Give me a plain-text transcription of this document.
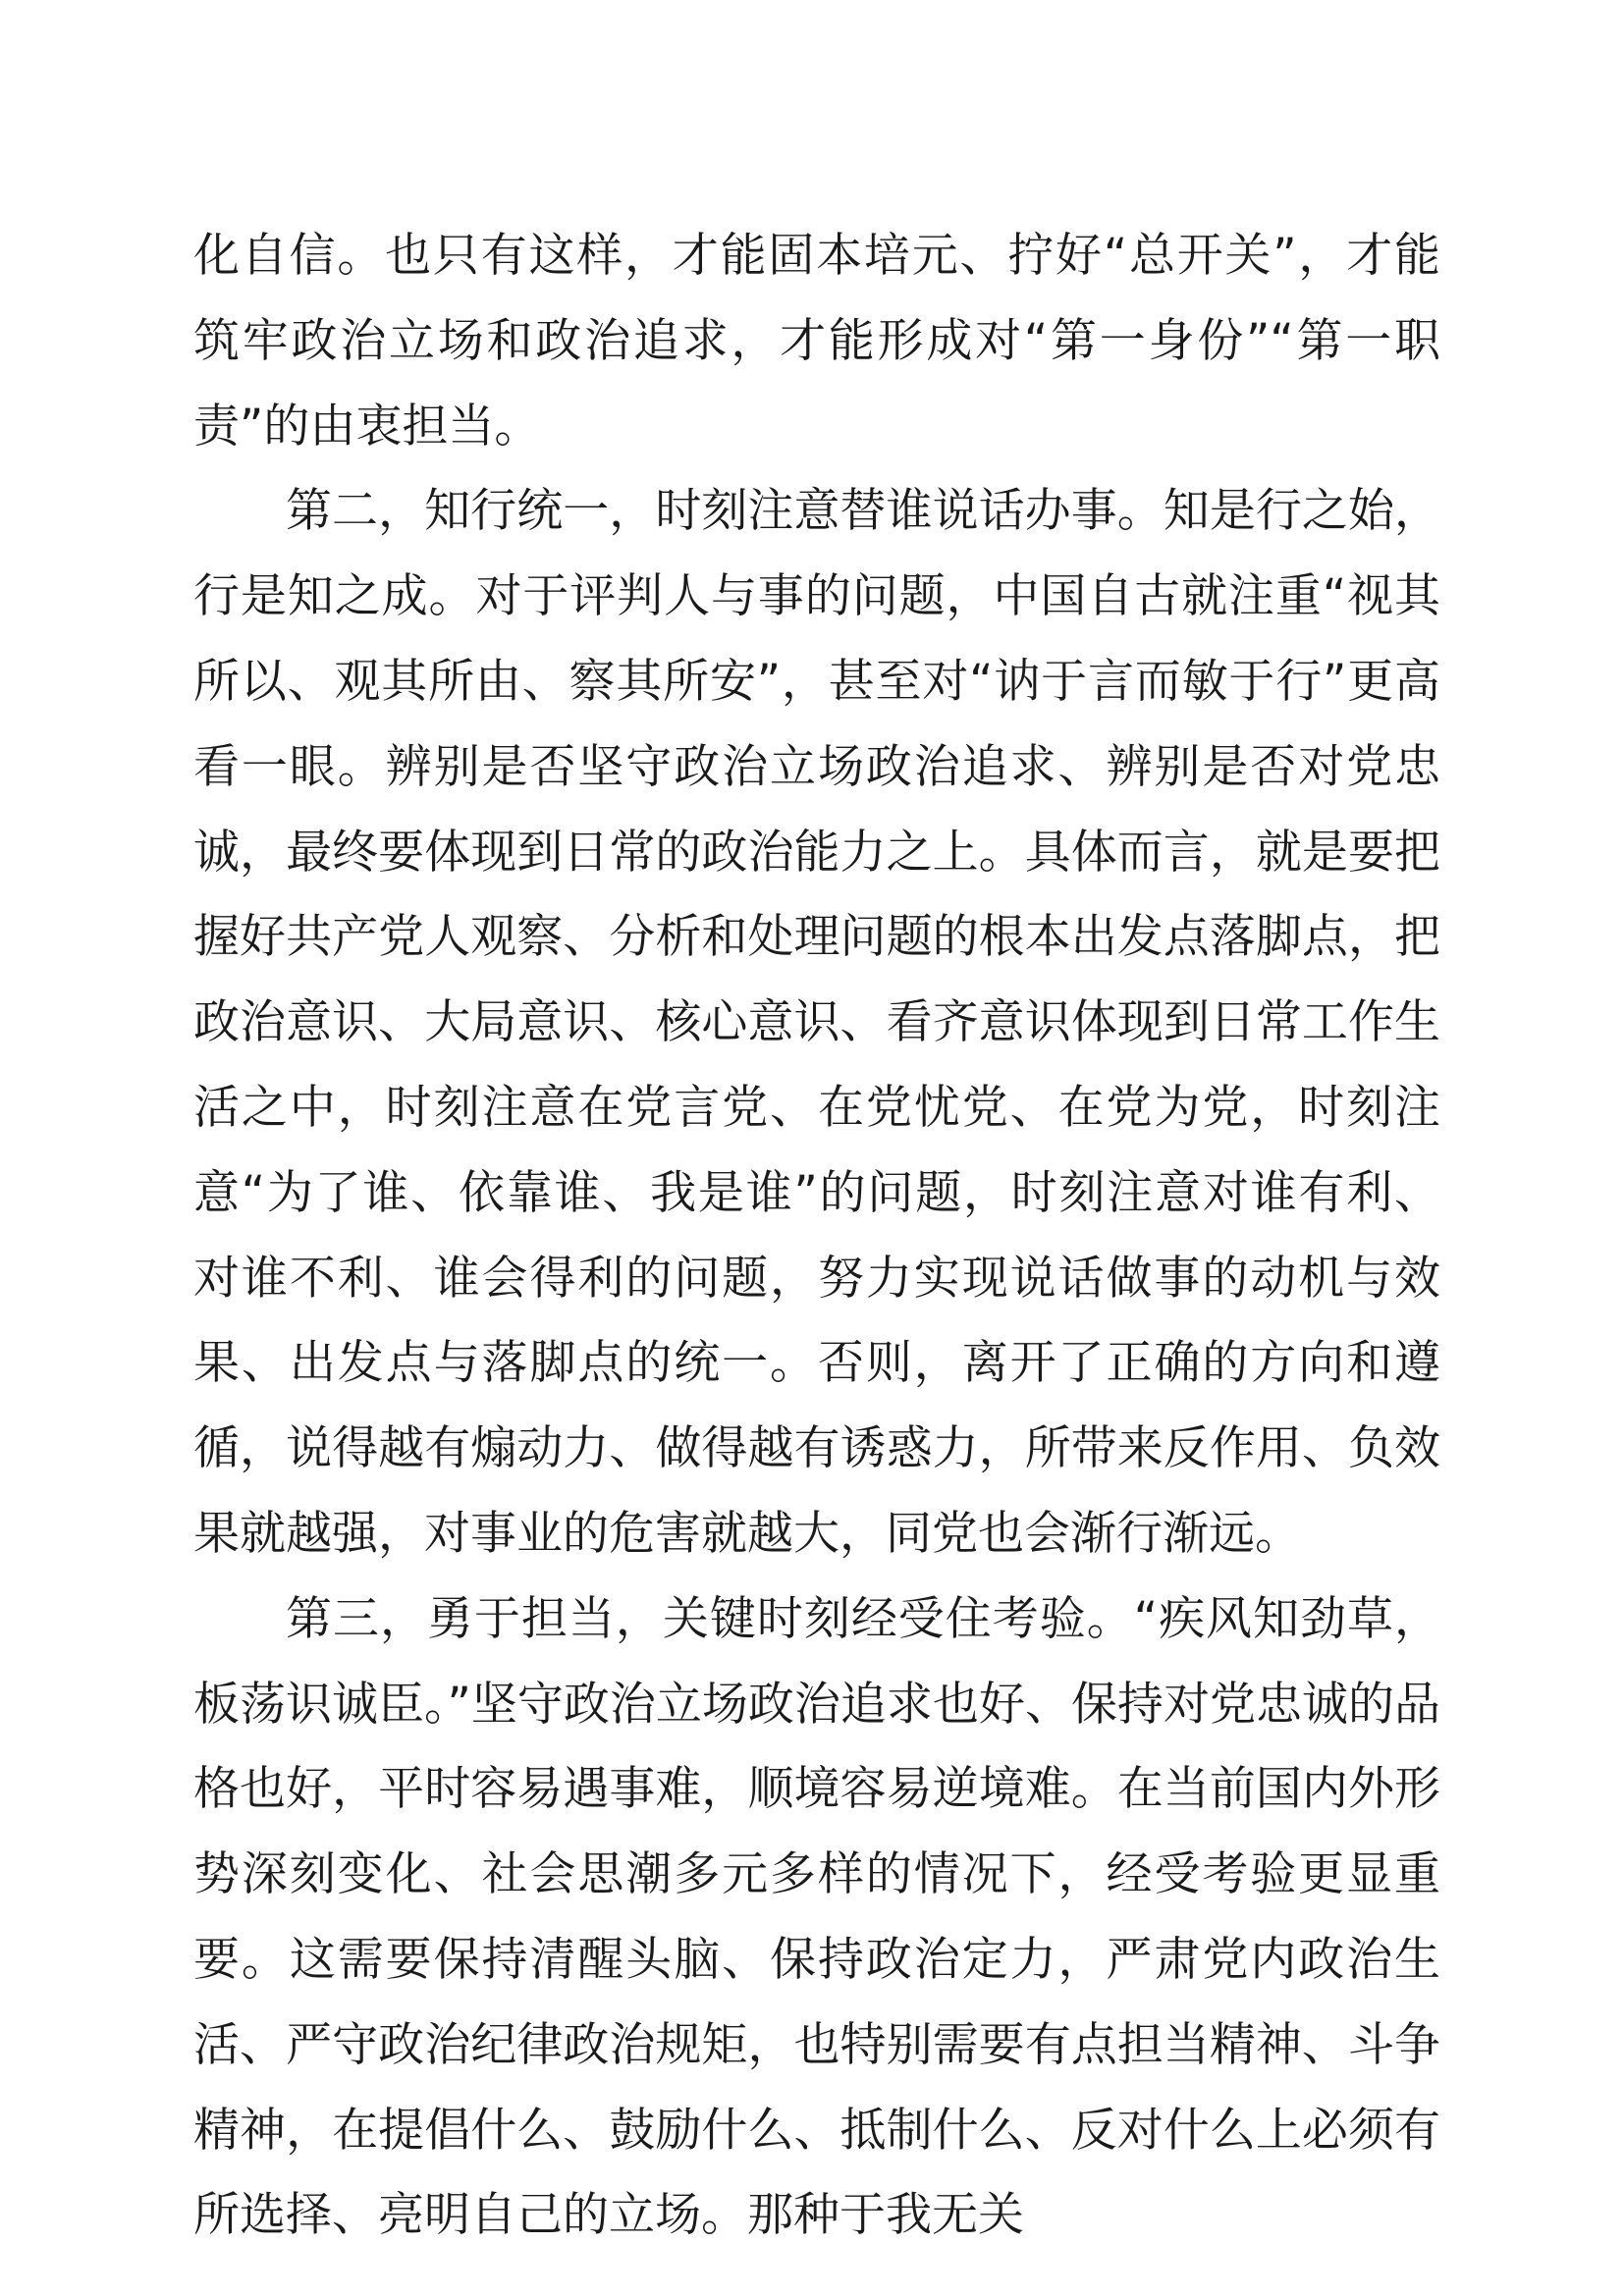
化自信。也只有这样，才能固本培元、拧好“总开关”，才能筑牢政治立场和政治追求，才能形成对“第一身份”“第一职责”的由衷担当。

第二，知行统一，时刻注意替谁说话办事。知是行之始，行是知之成。对于评判人与事的问题，中国自古就注重“视其所以、观其所由、察其所安”，甚至对“讷于言而敏于行”更高看一眼。辨别是否坚守政治立场政治追求、辨别是否对党忠诚，最终要体现到日常的政治能力之上。具体而言，就是要把握好共产党人观察、分析和处理问题的根本出发点落脚点，把政治意识、大局意识、核心意识、看齐意识体现到日常工作生活之中，时刻注意在党言党、在党忧党、在党为党，时刻注意“为了谁、依靠谁、我是谁”的问题，时刻注意对谁有利、对谁不利、谁会得利的问题，努力实现说话做事的动机与效果、出发点与落脚点的统一。否则，离开了正确的方向和遵循，说得越有煽动力、做得越有诱惑力，所带来反作用、负效果就越强，对事业的危害就越大，同党也会渐行渐远。

第三，勇于担当，关键时刻经受住考验。“疾风知劲草，板荡识诚臣。”坚守政治立场政治追求也好、保持对党忠诚的品格也好，平时容易遇事难，顺境容易逆境难。在当前国内外形势深刻变化、社会思潮多元多样的情况下，经受考验更显重要。这需要保持清醒头脑、保持政治定力，严肃党内政治生活、严守政治纪律政治规矩，也特别需要有点担当精神、斗争精神，在提倡什么、鼓励什么、抵制什么、反对什么上必须有所选择、亮明自己的立场。那种于我无关
